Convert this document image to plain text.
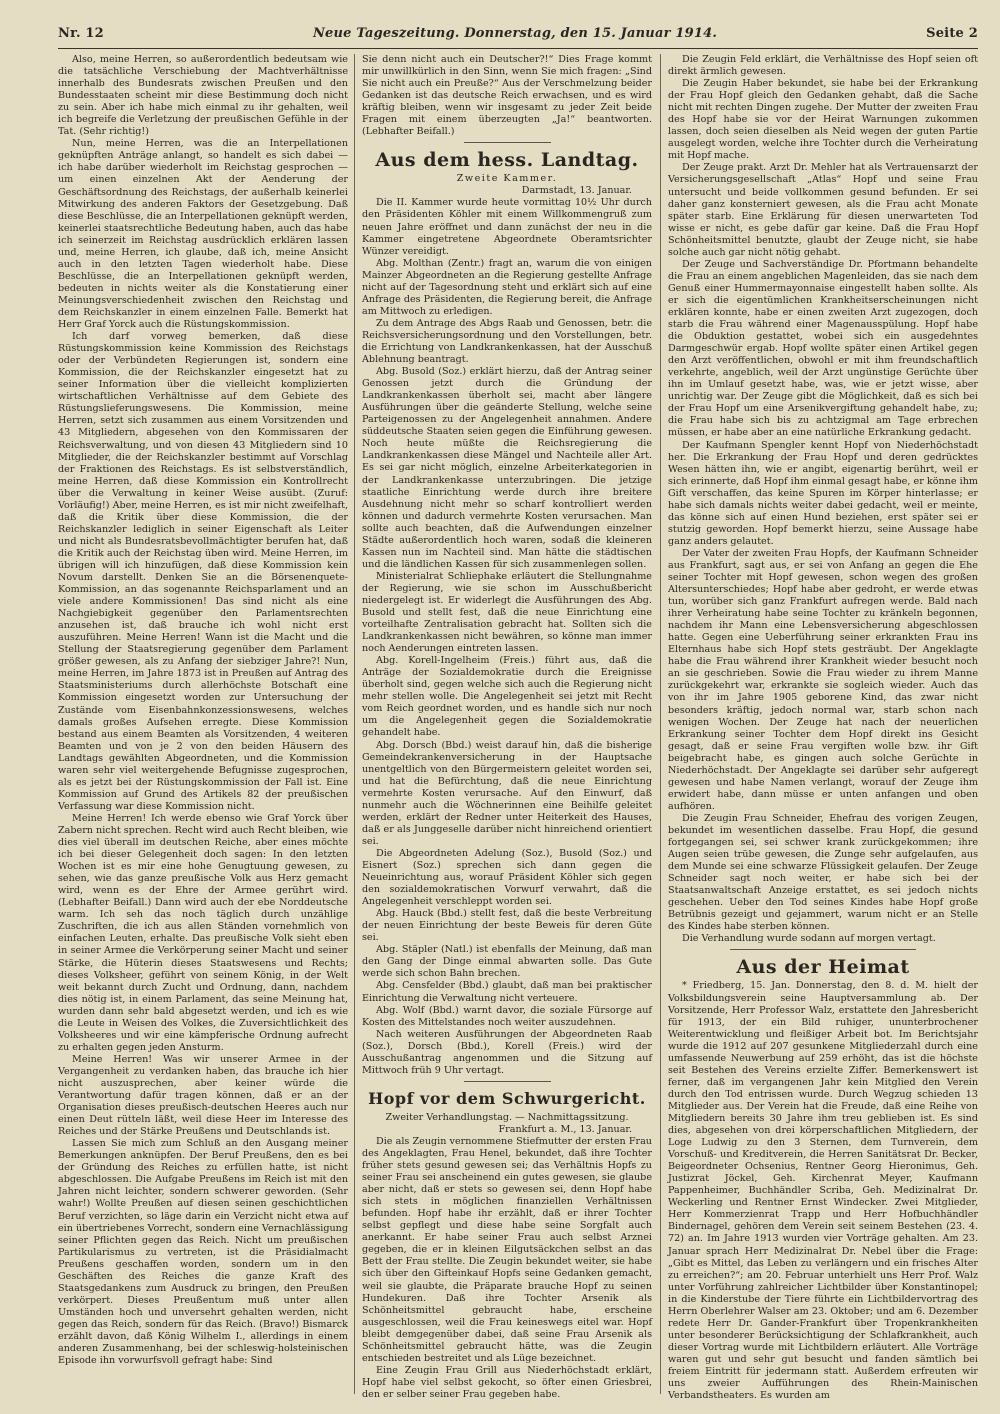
Nr. 12	Neue Tageszeitung. Donnerstag, den 15. Januar 1914.	Seite 2

Also, meine Herren, so außerordentlich bedeutsam wie die tatsächliche Verschiebung der Machtverhältnisse innerhalb des Bundesrats zwischen Preußen und den Bundesstaaten scheint mir diese Bestimmung doch nicht zu sein. Aber ich habe mich einmal zu ihr gehalten, weil ich begreife die Verletzung der preußischen Gefühle in der Tat. (Sehr richtig!)

Nun, meine Herren, was die an Interpellationen geknüpften Anträge anlangt, so handelt es sich dabei — ich habe darüber wiederholt im Reichstag gesprochen — um einen einzelnen Akt der Aenderung der Geschäftsordnung des Reichstags, der außerhalb keinerlei Mitwirkung des anderen Faktors der Gesetzgebung. Daß diese Beschlüsse, die an Interpellationen geknüpft werden, keinerlei staatsrechtliche Bedeutung haben, auch das habe ich seinerzeit im Reichstag ausdrücklich erklären lassen und, meine Herren, ich glaube, daß ich, meine Ansicht auch in den letzten Tagen wiederholt habe. Diese Beschlüsse, die an Interpellationen geknüpft werden, bedeuten in nichts weiter als die Konstatierung einer Meinungsverschiedenheit zwischen den Reichstag und dem Reichskanzler in einem einzelnen Falle. Bemerkt hat Herr Graf Yorck auch die Rüstungskommission.

Ich darf vorweg bemerken, daß diese Rüstungskommission keine Kommission des Reichstags oder der Verbündeten Regierungen ist, sondern eine Kommission, die der Reichskanzler eingesetzt hat zu seiner Information über die vielleicht komplizierten wirtschaftlichen Verhältnisse auf dem Gebiete des Rüstungslieferungswesens. Die Kommission, meine Herren, setzt sich zusammen aus einem Vorsitzenden und 43 Mitgliedern, abgesehen von den Kommissaren der Reichsverwaltung, und von diesen 43 Mitgliedern sind 10 Mitglieder, die der Reichskanzler bestimmt auf Vorschlag der Fraktionen des Reichstags. Es ist selbstverständlich, meine Herren, daß diese Kommission ein Kontrollrecht über die Verwaltung in keiner Weise ausübt. (Zuruf: Vorläufig!) Aber, meine Herren, es ist mir nicht zweifelhaft, daß die Kritik über diese Kommission, die der Reichskanzler lediglich in seiner Eigenschaft als Leiter und nicht als Bundesratsbevollmächtigter berufen hat, daß die Kritik auch der Reichstag üben wird. Meine Herren, im übrigen will ich hinzufügen, daß diese Kommission kein Novum darstellt. Denken Sie an die Börsenenquete-Kommission, an das sogenannte Reichsparlament und an viele andere Kommissionen! Das sind nicht als eine Nachgiebigkeit gegenüber den Parlamentsrechten anzusehen ist, daß brauche ich wohl nicht erst auszuführen. Meine Herren! Wann ist die Macht und die Stellung der Staatsregierung gegenüber dem Parlament größer gewesen, als zu Anfang der siebziger Jahre?! Nun, meine Herren, im Jahre 1873 ist in Preußen auf Antrag des Staatsministeriums durch allerhöchste Botschaft eine Kommission eingesetzt worden zur Untersuchung der Zustände vom Eisenbahnkonzessionswesens, welches damals großes Aufsehen erregte. Diese Kommission bestand aus einem Beamten als Vorsitzenden, 4 weiteren Beamten und von je 2 von den beiden Häusern des Landtags gewählten Abgeordneten, und die Kommission waren sehr viel weitergehende Befugnisse zugesprochen, als es jetzt bei der Rüstungskommission der Fall ist. Eine Kommission auf Grund des Artikels 82 der preußischen Verfassung war diese Kommission nicht.

Meine Herren! Ich werde ebenso wie Graf Yorck über Zabern nicht sprechen. Recht wird auch Recht bleiben, wie dies viel überall im deutschen Reiche, aber eines möchte ich bei dieser Gelegenheit doch sagen: In den letzten Wochen ist es mir eine hohe Genugtuung gewesen, zu sehen, wie das ganze preußische Volk aus Herz gemacht wird, wenn es der Ehre der Armee gerührt wird. (Lebhafter Beifall.) Dann wird auch der ebe Norddeutsche warm. Ich seh das noch täglich durch unzählige Zuschriften, die ich aus allen Ständen vornehmlich von einfachen Leuten, erhalte. Das preußische Volk sieht eben in seiner Armee die Verkörperung seiner Macht und seiner Stärke, die Hüterin dieses Staatswesens und Rechts; dieses Volksheer, geführt von seinem König, in der Welt weit bekannt durch Zucht und Ordnung, dann, nachdem dies nötig ist, in einem Parlament, das seine Meinung hat, wurden dann sehr bald abgesetzt werden, und ich es wie die Leute in Weisen des Volkes, die Zuversichtlichkeit des Volksheeres und wir eine kämpferische Ordnung aufrecht zu erhalten gegen jeden Ansturm.

Meine Herren! Was wir unserer Armee in der Vergangenheit zu verdanken haben, das brauche ich hier nicht auszusprechen, aber keiner würde die Verantwortung dafür tragen können, daß er an der Organisation dieses preußisch-deutschen Heeres auch nur einen Deut rütteln läßt, weil diese Heer im Interesse des Reiches und der Stärke Preußens und Deutschlands ist.

Lassen Sie mich zum Schluß an den Ausgang meiner Bemerkungen anknüpfen. Der Beruf Preußens, den es bei der Gründung des Reiches zu erfüllen hatte, ist nicht abgeschlossen. Die Aufgabe Preußens im Reich ist mit den Jahren nicht leichter, sondern schwerer geworden. (Sehr wahr!) Wollte Preußen auf diesen seinen geschichtlichen Beruf verzichten, so läge darin ein Verzicht nicht etwa auf ein übertriebenes Vorrecht, sondern eine Vernachlässigung seiner Pflichten gegen das Reich. Nicht um preußischen Partikularismus zu vertreten, ist die Präsidialmacht Preußens geschaffen worden, sondern um in den Geschäften des Reiches die ganze Kraft des Staatsgedankens zum Ausdruck zu bringen, den Preußen verkörpert. Dieses Preußentum muß unter allen Umständen hoch und unversehrt gehalten werden, nicht gegen das Reich, sondern für das Reich. (Bravo!) Bismarck erzählt davon, daß König Wilhelm I., allerdings in einem anderen Zusammenhang, bei der schleswig-holsteinischen Episode ihn vorwurfsvoll gefragt habe: Sind

Sie denn nicht auch ein Deutscher?!“ Dies Frage kommt mir unwillkürlich in den Sinn, wenn Sie mich fragen: „Sind Sie nicht auch ein Preuße?“ Aus der Verschmelzung beider Gedanken ist das deutsche Reich erwachsen, und es wird kräftig bleiben, wenn wir insgesamt zu jeder Zeit beide Fragen mit einem überzeugten „Ja!“ beantworten. (Lebhafter Beifall.)

Aus dem hess. Landtag.
Zweite Kammer.
Darmstadt, 13. Januar.

Die II. Kammer wurde heute vormittag 10½ Uhr durch den Präsidenten Köhler mit einem Willkommengruß zum neuen Jahre eröffnet und dann zunächst der neu in die Kammer eingetretene Abgeordnete Oberamtsrichter Wünzer vereidigt.

Abg. Molthan (Zentr.) fragt an, warum die von einigen Mainzer Abgeordneten an die Regierung gestellte Anfrage nicht auf der Tagesordnung steht und erklärt sich auf eine Anfrage des Präsidenten, die Regierung bereit, die Anfrage am Mittwoch zu erledigen.

Zu dem Antrage des Abgs Raab und Genossen, betr. die Reichsversicherungsordnung und den Vorstellungen, betr. die Errichtung von Landkrankenkassen, hat der Ausschuß Ablehnung beantragt.

Abg. Busold (Soz.) erklärt hierzu, daß der Antrag seiner Genossen jetzt durch die Gründung der Landkrankenkassen überholt sei, macht aber längere Ausführungen über die geänderte Stellung, welche seine Parteigenossen zu der Angelegenheit annahmen. Andere süddeutsche Staaten seien gegen die Einführung gewesen. Noch heute müßte die Reichsregierung die Landkrankenkassen diese Mängel und Nachteile aller Art. Es sei gar nicht möglich, einzelne Arbeiterkategorien in der Landkrankenkasse unterzubringen. Die jetzige staatliche Einrichtung werde durch ihre breitere Ausdehnung nicht mehr so scharf kontrolliert werden können und dadurch vermehrte Kosten verursachen. Man sollte auch beachten, daß die Aufwendungen einzelner Städte außerordentlich hoch waren, sodaß die kleineren Kassen nun im Nachteil sind. Man hätte die städtischen und die ländlichen Kassen für sich zusammenlegen sollen.

Ministerialrat Schliephake erläutert die Stellungnahme der Regierung, wie sie schon im Ausschußbericht niedergelegt ist. Er widerlegt die Ausführungen des Abg. Busold und stellt fest, daß die neue Einrichtung eine vorteilhafte Zentralisation gebracht hat. Sollten sich die Landkrankenkassen nicht bewähren, so könne man immer noch Aenderungen eintreten lassen.

Abg. Korell-Ingelheim (Freis.) führt aus, daß die Anträge der Sozialdemokratie durch die Ereignisse überholt sind, gegen welche sich auch die Regierung nicht mehr stellen wolle. Die Angelegenheit sei jetzt mit Recht vom Reich geordnet worden, und es handle sich nur noch um die Angelegenheit gegen die Sozialdemokratie gehandelt habe.

Abg. Dorsch (Bbd.) weist darauf hin, daß die bisherige Gemeindekrankenversicherung in der Hauptsache unentgeltlich von den Bürgermeistern geleitet worden sei, und hat die Befürchtung, daß die neue Einrichtung vermehrte Kosten verursache. Auf den Einwurf, daß nunmehr auch die Wöchnerinnen eine Beihilfe geleitet werden, erklärt der Redner unter Heiterkeit des Hauses, daß er als Junggeselle darüber nicht hinreichend orientiert sei.

Die Abgeordneten Adelung (Soz.), Busold (Soz.) und Eisnert (Soz.) sprechen sich dann gegen die Neueinrichtung aus, worauf Präsident Köhler sich gegen den sozialdemokratischen Vorwurf verwahrt, daß die Angelegenheit verschleppt worden sei.

Abg. Hauck (Bbd.) stellt fest, daß die beste Verbreitung der neuen Einrichtung der beste Beweis für deren Güte sei.

Abg. Stäpler (Natl.) ist ebenfalls der Meinung, daß man den Gang der Dinge einmal abwarten solle. Das Gute werde sich schon Bahn brechen.

Abg. Censfelder (Bbd.) glaubt, daß man bei praktischer Einrichtung die Verwaltung nicht verteuere.

Abg. Wolf (Bbd.) warnt davor, die soziale Fürsorge auf Kosten des Mittelstandes noch weiter auszudehnen.

Nach weiteren Ausführungen der Abgeordneten Raab (Soz.), Dorsch (Bbd.), Korell (Freis.) wird der Ausschußantrag angenommen und die Sitzung auf Mittwoch früh 9 Uhr vertagt.

Hopf vor dem Schwurgericht.
Zweiter Verhandlungstag. — Nachmittagssitzung.
Frankfurt a. M., 13. Januar.

Die als Zeugin vernommene Stiefmutter der ersten Frau des Angeklagten, Frau Henel, bekundet, daß ihre Tochter früher stets gesund gewesen sei; das Verhältnis Hopfs zu seiner Frau sei anscheinend ein gutes gewesen, sie glaube aber nicht, daß er stets so gewesen sei, denn Hopf habe sich stets in möglichen finanziellen Verhältnissen befunden. Hopf habe ihr erzählt, daß er ihrer Tochter selbst gepflegt und diese habe seine Sorgfalt auch anerkannt. Er habe seiner Frau auch selbst Arznei gegeben, die er in kleinen Eilgutsäckchen selbst an das Bett der Frau stellte. Die Zeugin bekundet weiter, sie habe sich über den Gifteinkauf Hopfs seine Gedanken gemacht, weil sie glaubte, die Präparate brauche Hopf zu seinen Hundekuren. Daß ihre Tochter Arsenik als Schönheitsmittel gebraucht habe, erscheine ausgeschlossen, weil die Frau keineswegs eitel war. Hopf bleibt demgegenüber dabei, daß seine Frau Arsenik als Schönheitsmittel gebraucht hätte, was die Zeugin entschieden bestreitet und als Lüge bezeichnet.

Eine Zeugin Frau Grill aus Niederhöchstadt erklärt, Hopf habe viel selbst gekocht, so öfter einen Griesbrei, den er selber seiner Frau gegeben habe.

Die Zeugin Feld erklärt, die Verhältnisse des Hopf seien oft direkt ärmlich gewesen.

Die Zeugin Haber bekundet, sie habe bei der Erkrankung der Frau Hopf gleich den Gedanken gehabt, daß die Sache nicht mit rechten Dingen zugehe. Der Mutter der zweiten Frau des Hopf habe sie vor der Heirat Warnungen zukommen lassen, doch seien dieselben als Neid wegen der guten Partie ausgelegt worden, welche ihre Tochter durch die Verheiratung mit Hopf mache.

Der Zeuge prakt. Arzt Dr. Mehler hat als Vertrauensarzt der Versicherungsgesellschaft „Atlas“ Hopf und seine Frau untersucht und beide vollkommen gesund befunden. Er sei daher ganz konsterniert gewesen, als die Frau acht Monate später starb. Eine Erklärung für diesen unerwarteten Tod wisse er nicht, es gebe dafür gar keine. Daß die Frau Hopf Schönheitsmittel benutzte, glaubt der Zeuge nicht, sie habe solche auch gar nicht nötig gehabt.

Der Zeuge und Sachverständige Dr. Pfortmann behandelte die Frau an einem angeblichen Magenleiden, das sie nach dem Genuß einer Hummermayonnaise eingestellt haben sollte. Als er sich die eigentümlichen Krankheitserscheinungen nicht erklären konnte, habe er einen zweiten Arzt zugezogen, doch starb die Frau während einer Magenausspülung. Hopf habe die Obduktion gestattet, wobei sich ein ausgedehntes Darmgeschwür ergab. Hopf wollte später einen Artikel gegen den Arzt veröffentlichen, obwohl er mit ihm freundschaftlich verkehrte, angeblich, weil der Arzt ungünstige Gerüchte über ihn im Umlauf gesetzt habe, was, wie er jetzt wisse, aber unrichtig war. Der Zeuge gibt die Möglichkeit, daß es sich bei der Frau Hopf um eine Arsenikvergiftung gehandelt habe, zu; die Frau habe sich bis zu achtzigmal am Tage erbrechen müssen, er habe aber an eine natürliche Erkrankung gedacht.

Der Kaufmann Spengler kennt Hopf von Niederhöchstadt her. Die Erkrankung der Frau Hopf und deren gedrücktes Wesen hätten ihn, wie er angibt, eigenartig berührt, weil er sich erinnerte, daß Hopf ihm einmal gesagt habe, er könne ihm Gift verschaffen, das keine Spuren im Körper hinterlasse; er habe sich damals nichts weiter dabei gedacht, weil er meinte, das könne sich auf einen Hund beziehen, erst später sei er stutzig geworden. Hopf bemerkt hierzu, seine Aussage habe ganz anders gelautet.

Der Vater der zweiten Frau Hopfs, der Kaufmann Schneider aus Frankfurt, sagt aus, er sei von Anfang an gegen die Ehe seiner Tochter mit Hopf gewesen, schon wegen des großen Altersunterschiedes; Hopf habe aber gedroht, er werde etwas tun, worüber sich ganz Frankfurt aufregen werde. Bald nach ihrer Verheiratung habe seine Tochter zu kränkeln begonnen, nachdem ihr Mann eine Lebensversicherung abgeschlossen hatte. Gegen eine Ueberführung seiner erkrankten Frau ins Elternhaus habe sich Hopf stets gesträubt. Der Angeklagte habe die Frau während ihrer Krankheit wieder besucht noch an sie geschrieben. Sowie die Frau wieder zu ihrem Manne zurückgekehrt war, erkrankte sie sogleich wieder. Auch das von ihr im Jahre 1905 geborene Kind, das zwar nicht besonders kräftig, jedoch normal war, starb schon nach wenigen Wochen. Der Zeuge hat nach der neuerlichen Erkrankung seiner Tochter dem Hopf direkt ins Gesicht gesagt, daß er seine Frau vergiften wolle bzw. ihr Gift beigebracht habe, es gingen auch solche Gerüchte in Niederhöchstadt. Der Angeklagte sei darüber sehr aufgeregt gewesen und habe Namen verlangt, worauf der Zeuge ihm erwidert habe, dann müsse er unten anfangen und oben aufhören.

Die Zeugin Frau Schneider, Ehefrau des vorigen Zeugen, bekundet im wesentlichen dasselbe. Frau Hopf, die gesund fortgegangen sei, sei schwer krank zurückgekommen; ihre Augen seien trübe gewesen, die Zunge sehr aufgelaufen, aus dem Munde sei eine schwarze Flüssigkeit gelaufen. Der Zeuge Schneider sagt noch weiter, er habe sich bei der Staatsanwaltschaft Anzeige erstattet, es sei jedoch nichts geschehen. Ueber den Tod seines Kindes habe Hopf große Betrübnis gezeigt und gejammert, warum nicht er an Stelle des Kindes habe sterben können.

Die Verhandlung wurde sodann auf morgen vertagt.

Aus der Heimat

* Friedberg, 15. Jan. Donnerstag, den 8. d. M. hielt der Volksbildungsverein seine Hauptversammlung ab. Der Vorsitzende, Herr Professor Walz, erstattete den Jahresbericht für 1913, der ein Bild ruhiger, ununterbrochener Weiterentwicklung und fleißiger Arbeit bot. Im Berichtsjahr wurde die 1912 auf 207 gesunkene Mitgliederzahl durch eine umfassende Neuwerbung auf 259 erhöht, das ist die höchste seit Bestehen des Vereins erzielte Ziffer. Bemerkenswert ist ferner, daß im vergangenen Jahr kein Mitglied den Verein durch den Tod entrissen wurde. Durch Wegzug schieden 13 Mitglieder aus. Der Verein hat die Freude, daß eine Reihe von Mitgliedern bereits 30 Jahre ihm treu geblieben ist. Es sind dies, abgesehen von drei körperschaftlichen Mitgliedern, der Loge Ludwig zu den 3 Sternen, dem Turnverein, dem Vorschuß- und Kreditverein, die Herren Sanitätsrat Dr. Becker, Beigeordneter Ochsenius, Rentner Georg Hieronimus, Geh. Justizrat Jöckel, Geh. Kirchenrat Meyer, Kaufmann Pappenheimer, Buchhändler Scriba, Geh. Medizinalrat Dr. Weckerling und Rentner Ernst Windecker. Zwei Mitglieder, Herr Kommerzienrat Trapp und Herr Hofbuchhändler Bindernagel, gehören dem Verein seit seinem Bestehen (23. 4. 72) an. Im Jahre 1913 wurden vier Vorträge gehalten. Am 23. Januar sprach Herr Medizinalrat Dr. Nebel über die Frage: „Gibt es Mittel, das Leben zu verlängern und ein frisches Alter zu erreichen?“; am 20. Februar unterhielt uns Herr Prof. Walz unter Vorführung zahlreicher Lichtbilder über Konstantinopel; in die Kinderstube der Tiere führte ein Lichtbildervortrag des Herrn Oberlehrer Walser am 23. Oktober; und am 6. Dezember redete Herr Dr. Gander-Frankfurt über Tropenkrankheiten unter besonderer Berücksichtigung der Schlafkrankheit, auch dieser Vortrag wurde mit Lichtbildern erläutert. Alle Vorträge waren gut und sehr gut besucht und fanden sämtlich bei freiem Eintritt für jedermann statt. Außerdem erfreuten wir uns zweier Aufführungen des Rhein-Mainischen Verbandstheaters. Es wurden am
